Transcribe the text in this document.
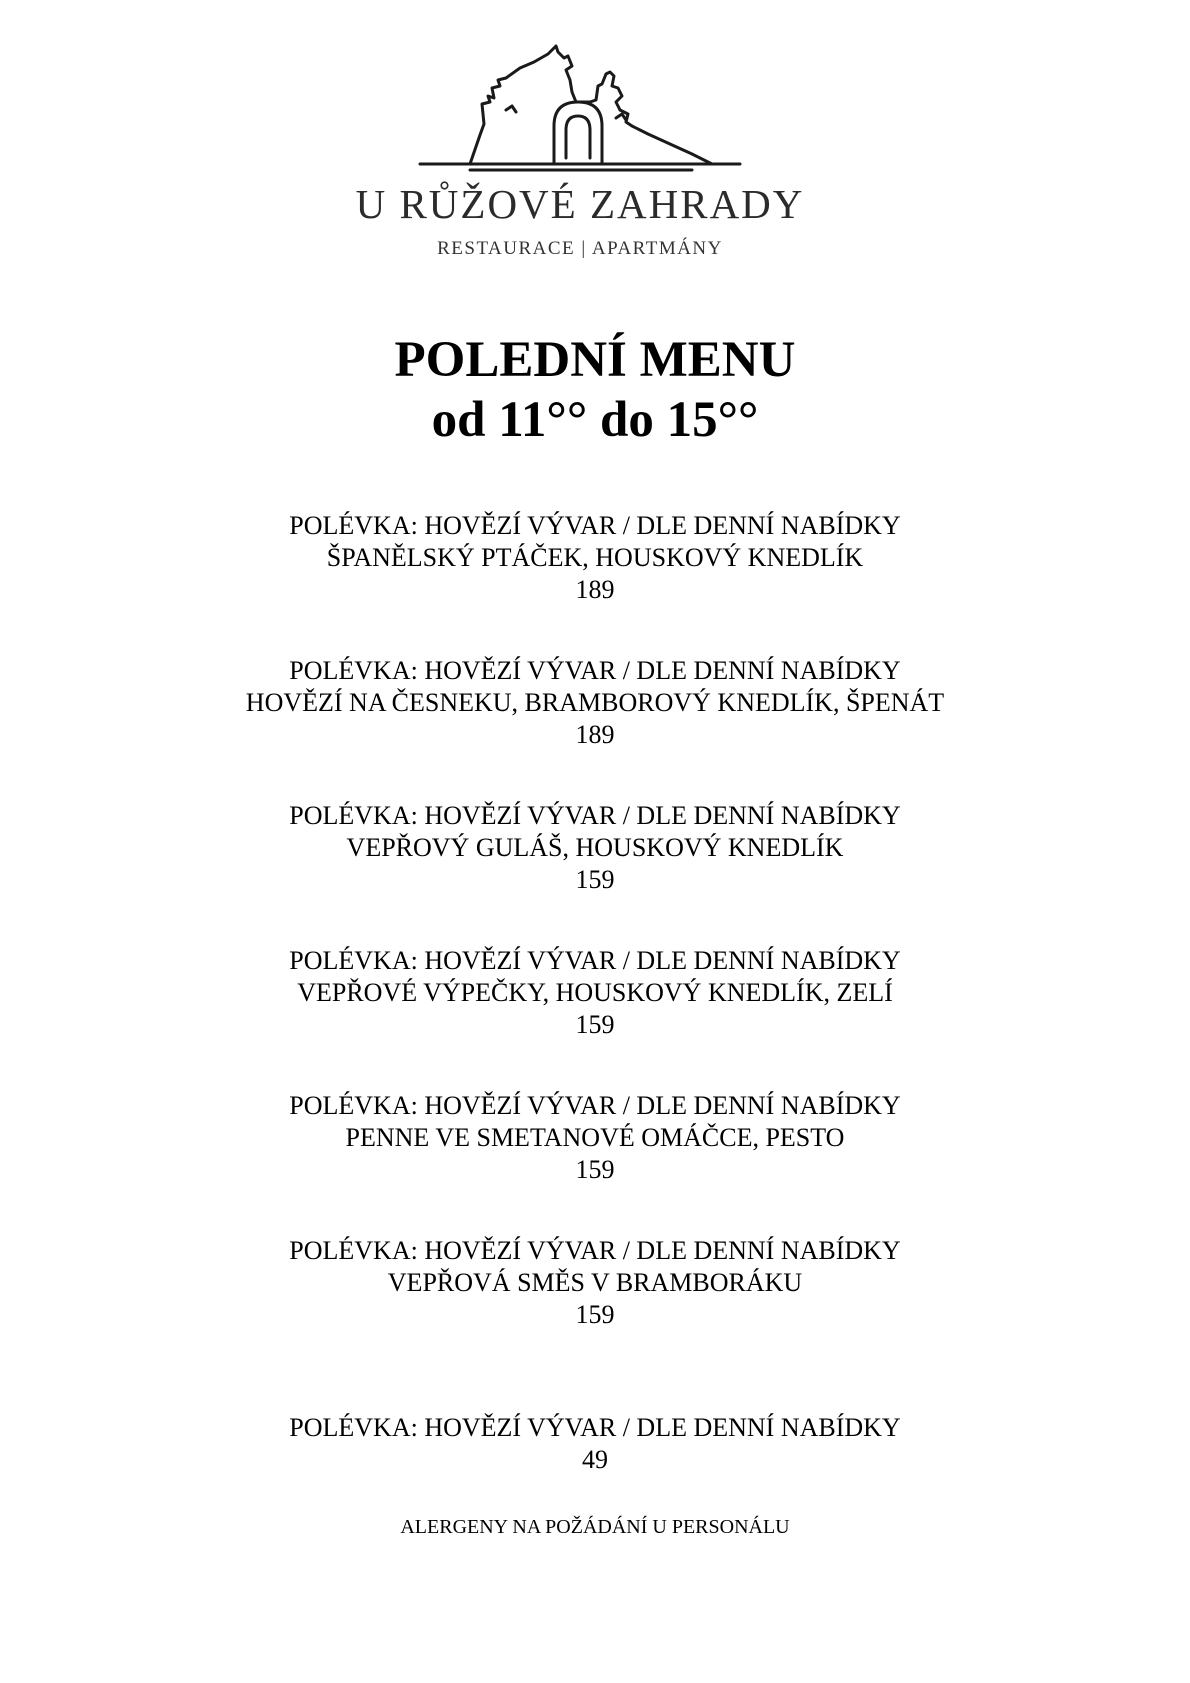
U RŮŽOVÉ ZAHRADY
RESTAURACE | APARTMÁNY
POLEDNÍ MENU
od 11°° do 15°°
POLÉVKA: HOVĚZÍ VÝVAR / DLE DENNÍ NABÍDKY
ŠPANĚLSKÝ PTÁČEK, HOUSKOVÝ KNEDLÍK
189
POLÉVKA: HOVĚZÍ VÝVAR / DLE DENNÍ NABÍDKY
HOVĚZÍ NA ČESNEKU, BRAMBOROVÝ KNEDLÍK, ŠPENÁT
189
POLÉVKA: HOVĚZÍ VÝVAR / DLE DENNÍ NABÍDKY
VEPŘOVÝ GULÁŠ, HOUSKOVÝ KNEDLÍK
159
POLÉVKA: HOVĚZÍ VÝVAR / DLE DENNÍ NABÍDKY
VEPŘOVÉ VÝPEČKY, HOUSKOVÝ KNEDLÍK, ZELÍ
159
POLÉVKA: HOVĚZÍ VÝVAR / DLE DENNÍ NABÍDKY
PENNE VE SMETANOVÉ OMÁČCE, PESTO
159
POLÉVKA: HOVĚZÍ VÝVAR / DLE DENNÍ NABÍDKY
VEPŘOVÁ SMĚS V BRAMBORÁKU
159
POLÉVKA: HOVĚZÍ VÝVAR / DLE DENNÍ NABÍDKY
49
ALERGENY NA POŽÁDÁNÍ U PERSONÁLU
